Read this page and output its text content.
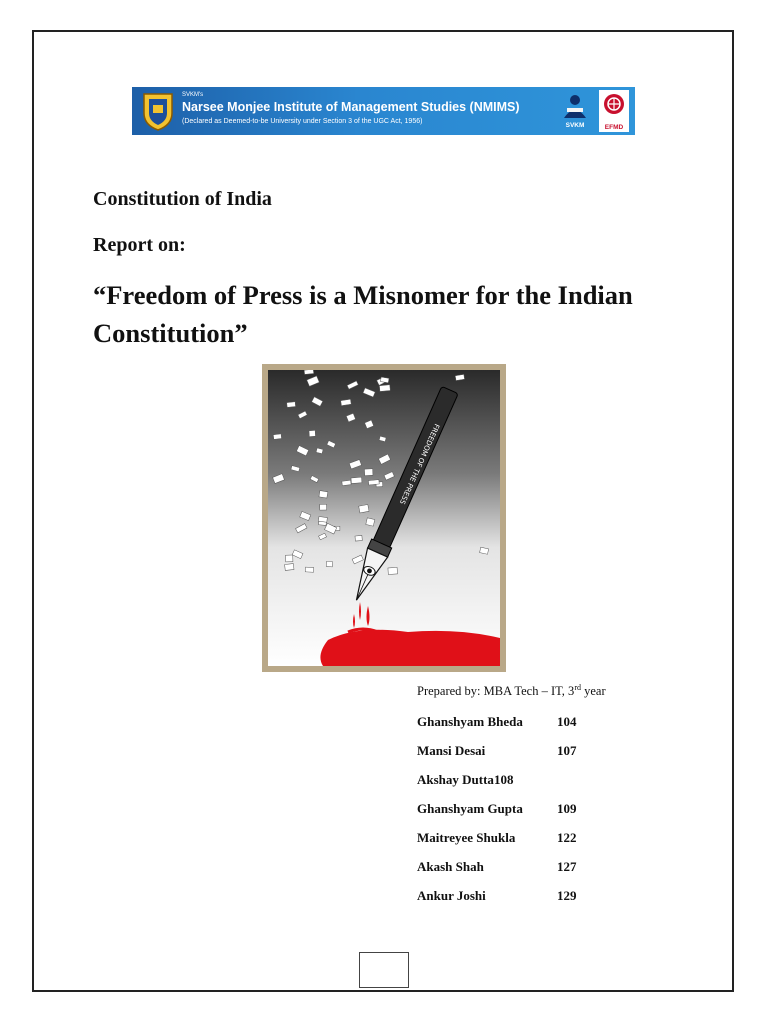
SVKM's
Narsee Monjee Institute of Management Studies (NMIMS)
(Declared as Deemed-to-be University under Section 3 of the UGC Act, 1956)
SVKM	EFMD
Constitution of India
Report on:
“Freedom of Press is a Misnomer for the Indian Constitution”
FREEDOM OF THE PRESS
Prepared by: MBA Tech – IT, 3rd year
Ghanshyam Bheda	104
Mansi Desai	107
Akshay Dutta 108
Ghanshyam Gupta	109
Maitreyee Shukla	122
Akash Shah	127
Ankur Joshi	129
